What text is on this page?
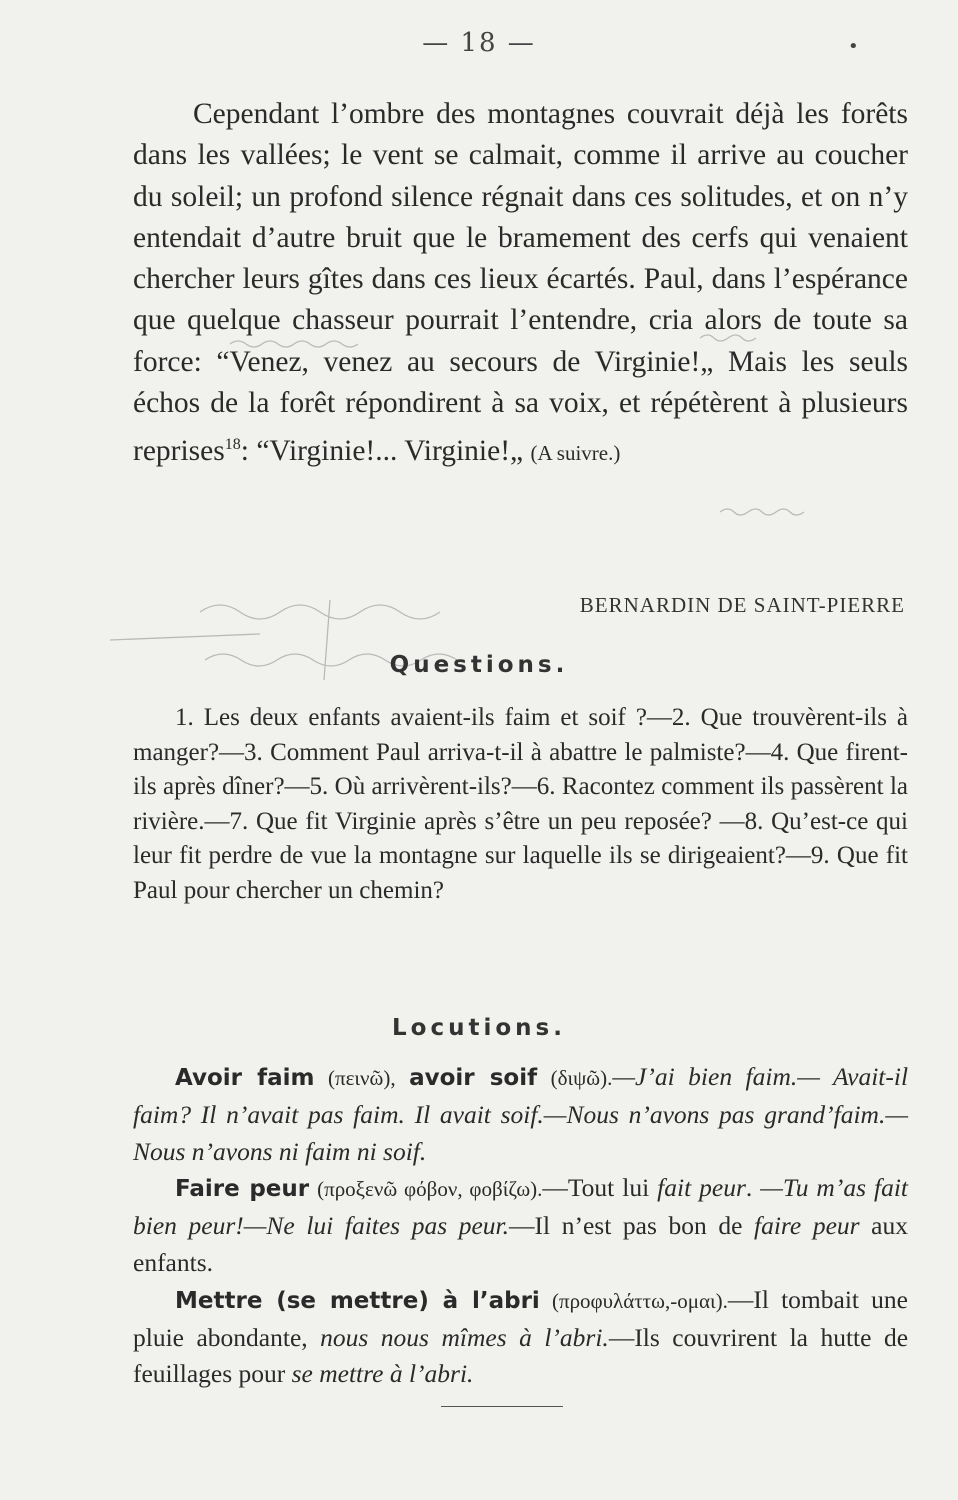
— 18 —	•

Cependant l’ombre des montagnes couvrait déjà les forêts dans les vallées; le vent se calmait, comme il arrive au coucher du soleil; un profond silence régnait dans ces solitudes, et on n’y entendait d’autre bruit que le bramement des cerfs qui venaient chercher leurs gîtes dans ces lieux écartés. Paul, dans l’espérance que quelque chasseur pourrait l’entendre, cria alors de toute sa force: “Venez, venez au secours de Virginie!„ Mais les seuls échos de la forêt répondirent à sa voix, et répétèrent à plusieurs reprises$^{18}$: “Virginie!... Virginie!„ (A suivre.)

BERNARDIN DE SAINT-PIERRE
Questions.

1. Les deux enfants avaient-ils faim et soif ?—2. Que trouvèrent-ils à manger?—3. Comment Paul arriva-t-il à abattre le palmiste?—4. Que firent-ils après dîner?—5. Où arrivèrent-ils?—6. Racontez comment ils passèrent la rivière.—7. Que fit Virginie après s’être un peu reposée? —8. Qu’est-ce qui leur fit perdre de vue la montagne sur laquelle ils se dirigeaient?—9. Que fit Paul pour chercher un chemin?

Locutions.

Avoir faim (πεινῶ), avoir soif (διψῶ).—J’ai bien faim.— Avait-il faim? Il n’avait pas faim. Il avait soif.—Nous n’avons pas grand’faim.—Nous n’avons ni faim ni soif.

Faire peur (προξενῶ φόβον, φοβίζω).—Tout lui fait peur. —Tu m’as fait bien peur!—Ne lui faites pas peur.—Il n’est pas bon de faire peur aux enfants.

Mettre (se mettre) à l’abri (προφυλάττω,-ομαι).—Il tombait une pluie abondante, nous nous mîmes à l’abri.—Ils couvrirent la hutte de feuillages pour se mettre à l’abri.
